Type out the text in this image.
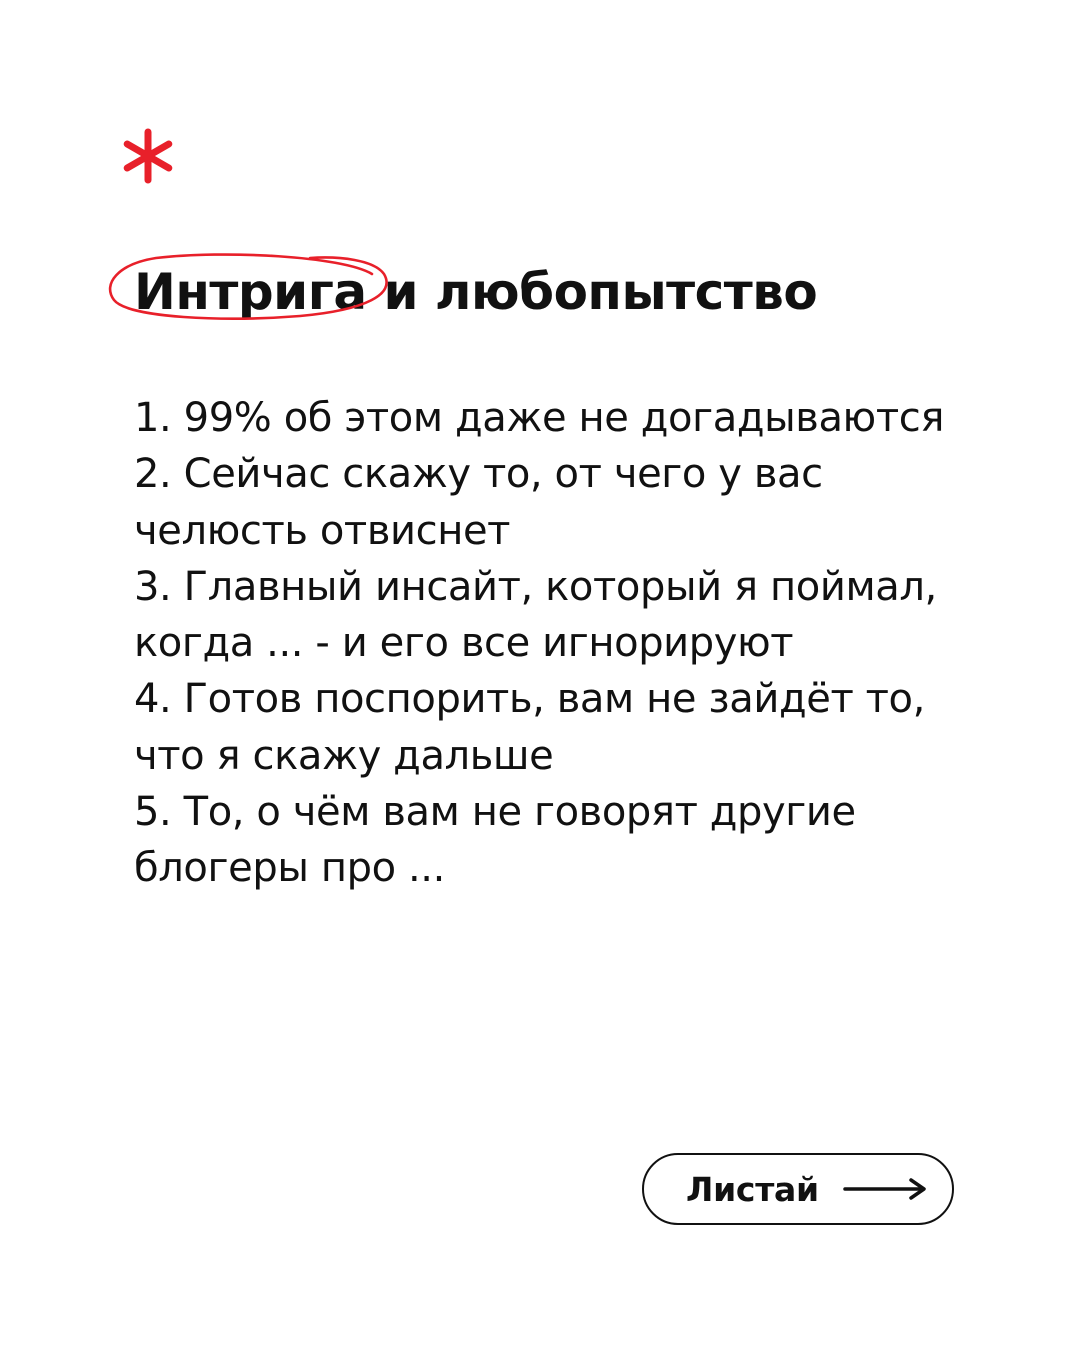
Интрига и любопытство
1. 99% об этом даже не догадываются
2. Сейчас скажу то, от чего у вас челюсть отвиснет
3. Главный инсайт, который я поймал, когда ... - и его все игнорируют
4. Готов поспорить, вам не зайдёт то, что я скажу дальше
5. То, о чём вам не говорят другие блогеры про ...
Листай
